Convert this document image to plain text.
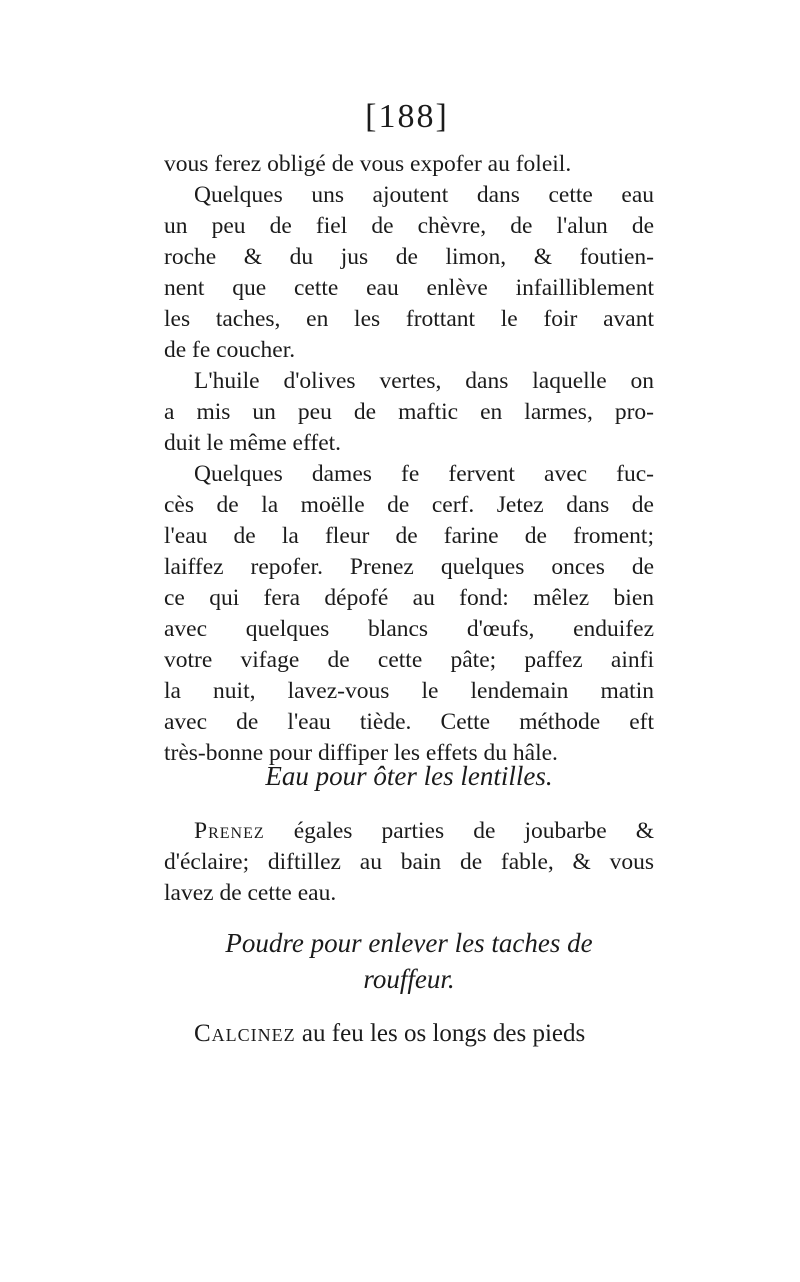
[188]
vous ferez obligé de vous expofer au foleil.
Quelques uns ajoutent dans cette eau
un peu de fiel de chèvre, de l'alun de
roche & du jus de limon, & foutien-
nent que cette eau enlève infailliblement
les taches, en les frottant le foir avant
de fe coucher.
L'huile d'olives vertes, dans laquelle on
a mis un peu de maftic en larmes, pro-
duit le même effet.
Quelques dames fe fervent avec fuc-
cès de la moëlle de cerf. Jetez dans de
l'eau de la fleur de farine de froment;
laiffez repofer. Prenez quelques onces de
ce qui fera dépofé au fond: mêlez bien
avec quelques blancs d'œufs, enduifez
votre vifage de cette pâte; paffez ainfi
la nuit, lavez-vous le lendemain matin
avec de l'eau tiède. Cette méthode eft
très-bonne pour diffiper les effets du hâle.
Eau pour ôter les lentilles.
Prenez égales parties de joubarbe &
d'éclaire; diftillez au bain de fable, & vous
lavez de cette eau.
Poudre pour enlever les taches de
rouffeur.
Calcinez au feu les os longs des pieds
